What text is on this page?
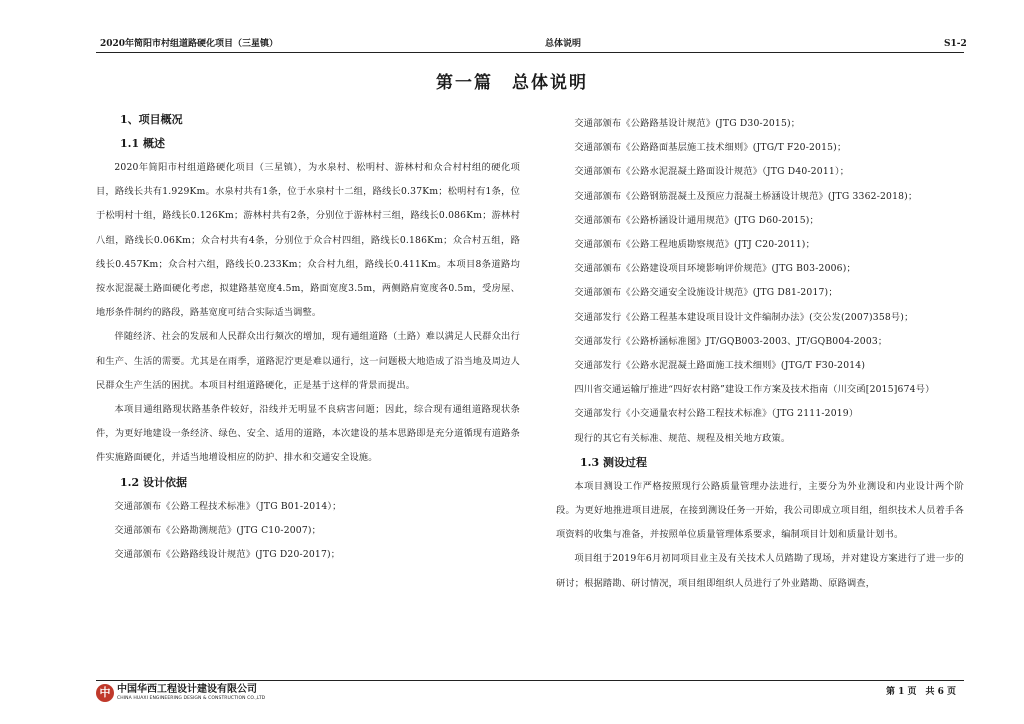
2020年简阳市村组道路硬化项目（三星镇）	总体说明	S1-2
第一篇　总体说明
1、项目概况
1.1 概述

2020年简阳市村组道路硬化项目（三星镇），为水泉村、松明村、游林村和众合村村组的硬化项目，路线长共有1.929Km。水泉村共有1条，位于水泉村十二组，路线长0.37Km；松明村有1条，位于松明村十组，路线长0.126Km；游林村共有2条，分别位于游林村三组，路线长0.086Km；游林村八组，路线长0.06Km；众合村共有4条，分别位于众合村四组，路线长0.186Km；众合村五组，路线长0.457Km；众合村六组，路线长0.233Km；众合村九组，路线长0.411Km。本项目8条道路均按水泥混凝土路面硬化考虑，拟建路基宽度4.5m，路面宽度3.5m，两侧路肩宽度各0.5m，受房屋、地形条件制约的路段，路基宽度可结合实际适当调整。

伴随经济、社会的发展和人民群众出行频次的增加，现有通组道路（土路）难以满足人民群众出行和生产、生活的需要。尤其是在雨季，道路泥泞更是难以通行，这一问题极大地造成了沿当地及周边人民群众生产生活的困扰。本项目村组道路硬化，正是基于这样的背景而提出。

本项目通组路现状路基条件较好，沿线并无明显不良病害问题；因此，综合现有通组道路现状条件，为更好地建设一条经济、绿色、安全、适用的道路，本次建设的基本思路即是充分道循现有道路条件实施路面硬化，并适当地增设相应的防护、排水和交通安全设施。

1.2 设计依据

交通部颁布《公路工程技术标准》（JTG B01-2014）；

交通部颁布《公路勘测规范》(JTG C10-2007)；

交通部颁布《公路路线设计规范》(JTG D20-2017)；

交通部颁布《公路路基设计规范》(JTG D30-2015)；

交通部颁布《公路路面基层施工技术细则》(JTG/T F20-2015)；

交通部颁布《公路水泥混凝土路面设计规范》（JTG D40-2011）；

交通部颁布《公路钢筋混凝土及预应力混凝土桥涵设计规范》(JTG 3362-2018)；

交通部颁布《公路桥涵设计通用规范》(JTG D60-2015)；

交通部颁布《公路工程地质勘察规范》(JTJ C20-2011)；

交通部颁布《公路建设项目环境影响评价规范》(JTG B03-2006)；

交通部颁布《公路交通安全设施设计规范》(JTG D81-2017)；

交通部发行《公路工程基本建设项目设计文件编制办法》(交公发(2007)358号)；

交通部发行《公路桥涵标准图》JT/GQB003-2003、JT/GQB004-2003；

交通部发行《公路水泥混凝土路面施工技术细则》(JTG/T F30-2014)

四川省交通运输厅推进“四好农村路”建设工作方案及技术指南（川交函[2015]674号）

交通部发行《小交通量农村公路工程技术标准》（JTG 2111-2019）

现行的其它有关标准、规范、规程及相关地方政策。

1.3 测设过程

本项目测设工作严格按照现行公路质量管理办法进行，主要分为外业测设和内业设计两个阶段。为更好地推进项目进展，在接到测设任务一开始，我公司即成立项目组，组织技术人员着手各项资料的收集与准备，并按照单位质量管理体系要求，编制项目计划和质量计划书。

项目组于2019年6月初同项目业主及有关技术人员踏勘了现场，并对建设方案进行了进一步的研讨；根据踏勘、研讨情况，项目组即组织人员进行了外业踏勘、原路调查，

中 中国华西工程设计建设有限公司
CHINA HUAXI ENGINEERING DESIGN & CONSTRUCTION CO.,LTD
第 1 页　共 6 页
